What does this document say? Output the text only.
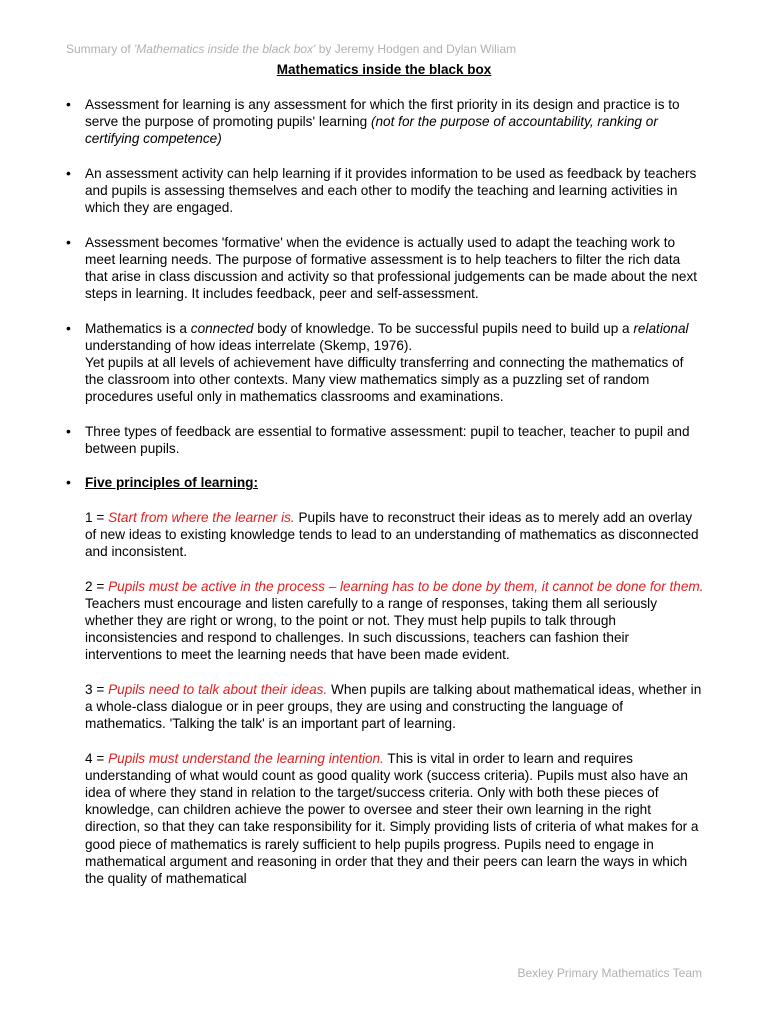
Summary of 'Mathematics inside the black box' by Jeremy Hodgen and Dylan Wiliam
Mathematics inside the black box

• Assessment for learning is any assessment for which the first priority in its design and practice is to serve the purpose of promoting pupils' learning (not for the purpose of accountability, ranking or certifying competence)

• An assessment activity can help learning if it provides information to be used as feedback by teachers and pupils is assessing themselves and each other to modify the teaching and learning activities in which they are engaged.

• Assessment becomes 'formative' when the evidence is actually used to adapt the teaching work to meet learning needs. The purpose of formative assessment is to help teachers to filter the rich data that arise in class discussion and activity so that professional judgements can be made about the next steps in learning. It includes feedback, peer and self-assessment.

• Mathematics is a connected body of knowledge. To be successful pupils need to build up a relational understanding of how ideas interrelate (Skemp, 1976).

Yet pupils at all levels of achievement have difficulty transferring and connecting the mathematics of the classroom into other contexts. Many view mathematics simply as a puzzling set of random procedures useful only in mathematics classrooms and examinations.

• Three types of feedback are essential to formative assessment: pupil to teacher, teacher to pupil and between pupils.

• Five principles of learning:

1 = Start from where the learner is. Pupils have to reconstruct their ideas as to merely add an overlay of new ideas to existing knowledge tends to lead to an understanding of mathematics as disconnected and inconsistent.

2 = Pupils must be active in the process – learning has to be done by them, it cannot be done for them. Teachers must encourage and listen carefully to a range of responses, taking them all seriously whether they are right or wrong, to the point or not. They must help pupils to talk through inconsistencies and respond to challenges. In such discussions, teachers can fashion their interventions to meet the learning needs that have been made evident.

3 = Pupils need to talk about their ideas. When pupils are talking about mathematical ideas, whether in a whole-class dialogue or in peer groups, they are using and constructing the language of mathematics. 'Talking the talk' is an important part of learning.

4 = Pupils must understand the learning intention. This is vital in order to learn and requires understanding of what would count as good quality work (success criteria). Pupils must also have an idea of where they stand in relation to the target/success criteria. Only with both these pieces of knowledge, can children achieve the power to oversee and steer their own learning in the right direction, so that they can take responsibility for it. Simply providing lists of criteria of what makes for a good piece of mathematics is rarely sufficient to help pupils progress. Pupils need to engage in mathematical argument and reasoning in order that they and their peers can learn the ways in which the quality of mathematical

Bexley Primary Mathematics Team
